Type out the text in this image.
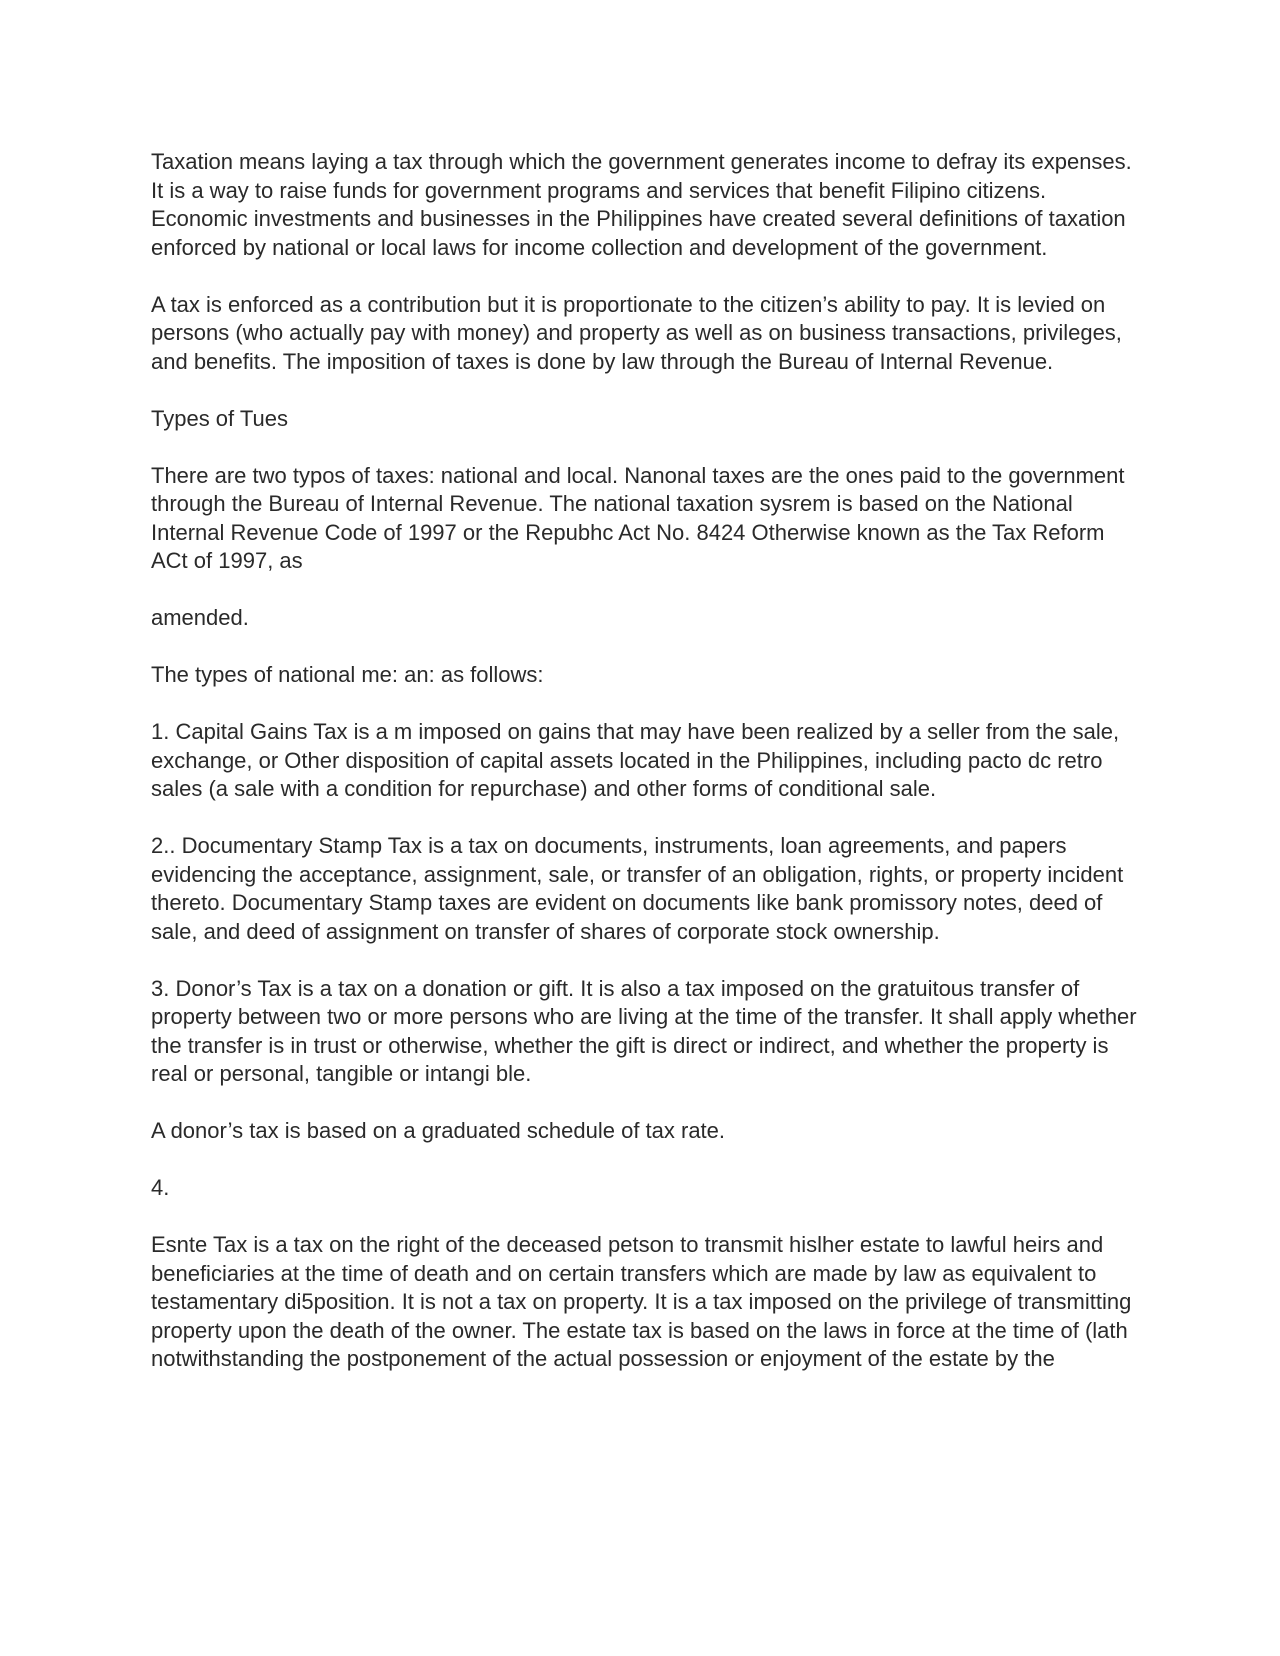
Taxation means laying a tax through which the government generates income to defray its expenses. It is a way to raise funds for government programs and services that benefit Filipino citizens. Economic investments and businesses in the Philippines have created several definitions of taxation enforced by national or local laws for income collection and development of the government.

A tax is enforced as a contribution but it is proportionate to the citizen’s ability to pay. It is levied on persons (who actually pay with money) and property as well as on business transactions, privileges, and benefits. The imposition of taxes is done by law through the Bureau of Internal Revenue.

Types of Tues

There are two typos of taxes: national and local. Nanonal taxes are the ones paid to the government through the Bureau of Internal Revenue. The national taxation sysrem is based on the National Internal Revenue Code of 1997 or the Repubhc Act No. 8424 Otherwise known as the Tax Reform ACt of 1997, as

amended.

The types of national me: an: as follows:

1. Capital Gains Tax is a m imposed on gains that may have been realized by a seller from the sale, exchange, or Other disposition of capital assets located in the Philippines, including pacto dc retro sales (a sale with a condition for repurchase) and other forms of conditional sale.

2.. Documentary Stamp Tax is a tax on documents, instruments, loan agreements, and papers evidencing the acceptance, assignment, sale, or transfer of an obligation, rights, or property incident thereto. Documentary Stamp taxes are evident on documents like bank promissory notes, deed of sale, and deed of assignment on transfer of shares of corporate stock ownership.

3. Donor’s Tax is a tax on a donation or gift. It is also a tax imposed on the gratuitous transfer of property between two or more persons who are living at the time of the transfer. It shall apply whether the transfer is in trust or otherwise, whether the gift is direct or indirect, and whether the property is real or personal, tangible or intangi ble.

A donor’s tax is based on a graduated schedule of tax rate.

4.

Esnte Tax is a tax on the right of the deceased petson to transmit hislher estate to lawful heirs and beneficiaries at the time of death and on certain transfers which are made by law as equivalent to testamentary di5position. It is not a tax on property. It is a tax imposed on the privilege of transmitting property upon the death of the owner. The estate tax is based on the laws in force at the time of (lath notwithstanding the postponement of the actual possession or enjoyment of the estate by the
